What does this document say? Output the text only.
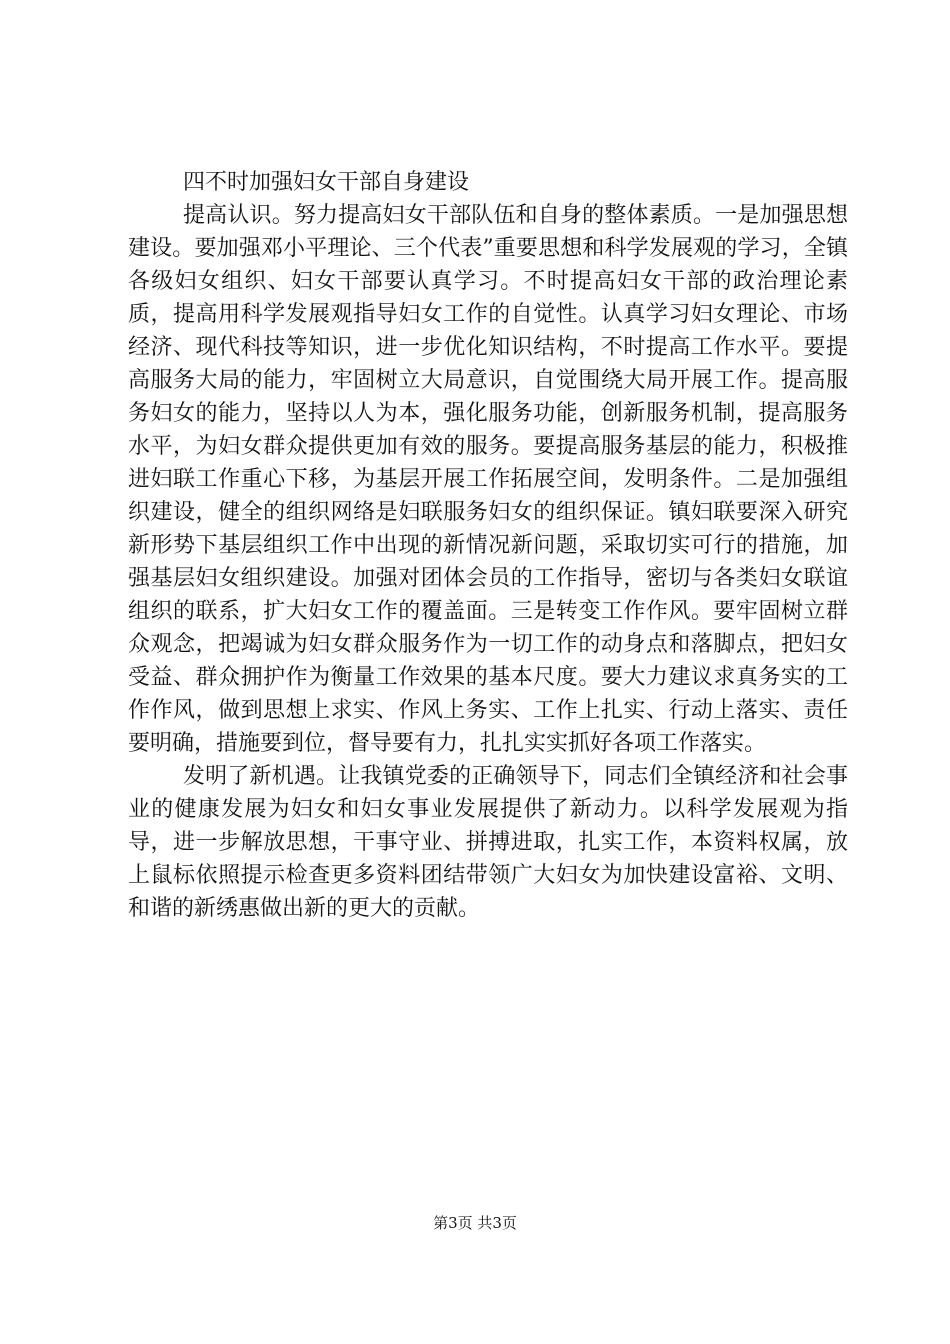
四不时加强妇女干部自身建设

提高认识。努力提高妇女干部队伍和自身的整体素质。一是加强思想建设。要加强邓小平理论、三个代表”重要思想和科学发展观的学习，全镇各级妇女组织、妇女干部要认真学习。不时提高妇女干部的政治理论素质，提高用科学发展观指导妇女工作的自觉性。认真学习妇女理论、市场经济、现代科技等知识，进一步优化知识结构，不时提高工作水平。要提高服务大局的能力，牢固树立大局意识，自觉围绕大局开展工作。提高服务妇女的能力，坚持以人为本，强化服务功能，创新服务机制，提高服务水平，为妇女群众提供更加有效的服务。要提高服务基层的能力，积极推进妇联工作重心下移，为基层开展工作拓展空间，发明条件。二是加强组织建设，健全的组织网络是妇联服务妇女的组织保证。镇妇联要深入研究新形势下基层组织工作中出现的新情况新问题，采取切实可行的措施，加强基层妇女组织建设。加强对团体会员的工作指导，密切与各类妇女联谊组织的联系，扩大妇女工作的覆盖面。三是转变工作作风。要牢固树立群众观念，把竭诚为妇女群众服务作为一切工作的动身点和落脚点，把妇女受益、群众拥护作为衡量工作效果的基本尺度。要大力建议求真务实的工作作风，做到思想上求实、作风上务实、工作上扎实、行动上落实、责任要明确，措施要到位，督导要有力，扎扎实实抓好各项工作落实。

发明了新机遇。让我镇党委的正确领导下，同志们全镇经济和社会事业的健康发展为妇女和妇女事业发展提供了新动力。以科学发展观为指导，进一步解放思想，干事守业、拼搏进取，扎实工作，本资料权属，放上鼠标依照提示检查更多资料团结带领广大妇女为加快建设富裕、文明、和谐的新绣惠做出新的更大的贡献。

第3页 共3页
